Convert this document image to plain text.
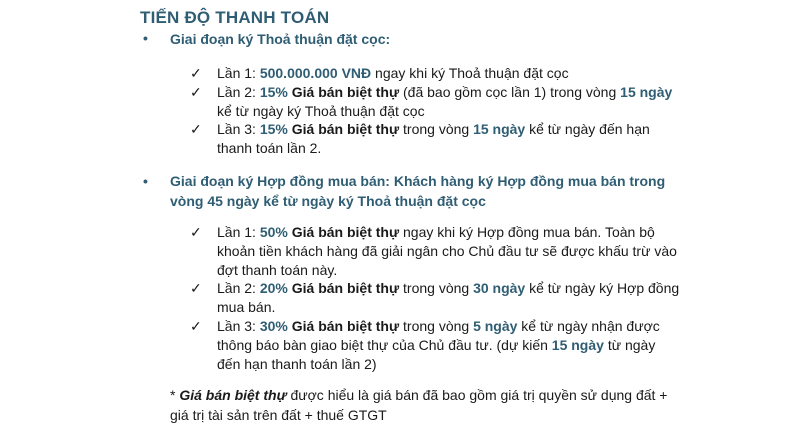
TIẾN ĐỘ THANH TOÁN
• Giai đoạn ký Thoả thuận đặt cọc:
✓	Lần 1: 500.000.000 VNĐ ngay khi ký Thoả thuận đặt cọc
✓	Lần 2: 15% Giá bán biệt thự (đã bao gồm cọc lần 1) trong vòng 15 ngày kể từ ngày ký Thoả thuận đặt cọc
✓	Lần 3: 15% Giá bán biệt thự trong vòng 15 ngày kể từ ngày đến hạn thanh toán lần 2.
• Giai đoạn ký Hợp đồng mua bán: Khách hàng ký Hợp đồng mua bán trong vòng 45 ngày kể từ ngày ký Thoả thuận đặt cọc
✓	Lần 1: 50% Giá bán biệt thự ngay khi ký Hợp đồng mua bán. Toàn bộ khoản tiền khách hàng đã giải ngân cho Chủ đầu tư sẽ được khấu trừ vào đợt thanh toán này.
✓	Lần 2: 20% Giá bán biệt thự trong vòng 30 ngày kể từ ngày ký Hợp đồng mua bán.
✓	Lần 3: 30% Giá bán biệt thự trong vòng 5 ngày kể từ ngày nhận được thông báo bàn giao biệt thự của Chủ đầu tư. (dự kiến 15 ngày từ ngày đến hạn thanh toán lần 2)
* Giá bán biệt thự được hiểu là giá bán đã bao gồm giá trị quyền sử dụng đất + giá trị tài sản trên đất + thuế GTGT
